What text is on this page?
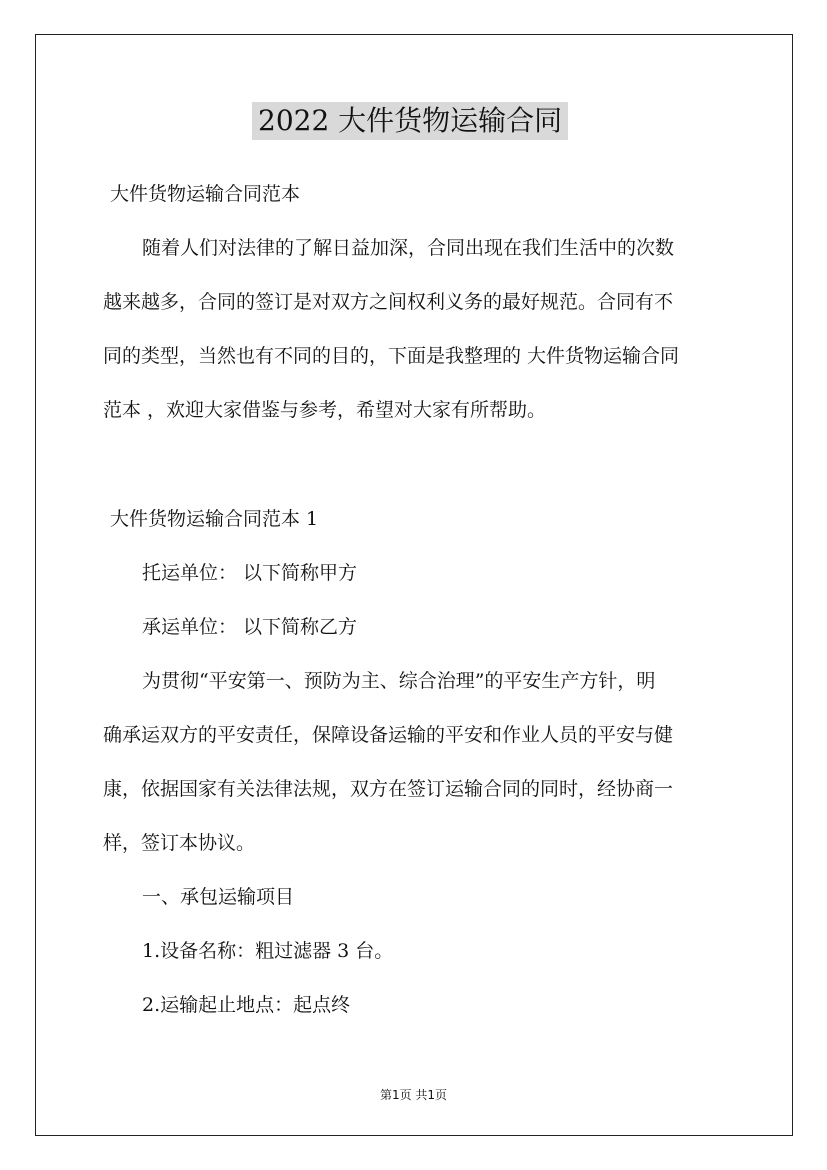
2022 大件货物运输合同
大件货物运输合同范本
随着人们对法律的了解日益加深，合同出现在我们生活中的次数
越来越多，合同的签订是对双方之间权利义务的最好规范。合同有不
同的类型，当然也有不同的目的，下面是我整理的 大件货物运输合同
范本 ，欢迎大家借鉴与参考，希望对大家有所帮助。
大件货物运输合同范本 1
托运单位： 以下简称甲方
承运单位： 以下简称乙方
为贯彻“平安第一、预防为主、综合治理”的平安生产方针，明
确承运双方的平安责任，保障设备运输的平安和作业人员的平安与健
康，依据国家有关法律法规，双方在签订运输合同的同时，经协商一
样，签订本协议。
一、承包运输项目
1.设备名称：粗过滤器 3 台。
2.运输起止地点：起点终
第1页 共1页
